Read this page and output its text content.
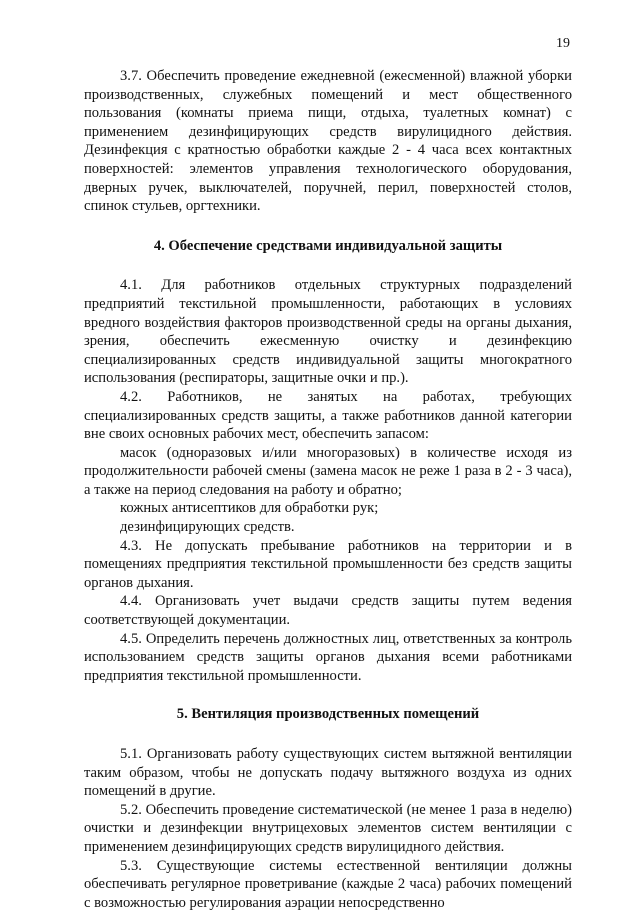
19

3.7. Обеспечить проведение ежедневной (ежесменной) влажной уборки производственных, служебных помещений и мест общественного пользования (комнаты приема пищи, отдыха, туалетных комнат) с применением дезинфицирующих средств вирулицидного действия. Дезинфекция с кратностью обработки каждые 2 - 4 часа всех контактных поверхностей: элементов управления технологического оборудования, дверных ручек, выключателей, поручней, перил, поверхностей столов, спинок стульев, оргтехники.

4. Обеспечение средствами индивидуальной защиты

4.1. Для работников отдельных структурных подразделений предприятий текстильной промышленности, работающих в условиях вредного воздействия факторов производственной среды на органы дыхания, зрения, обеспечить ежесменную очистку и дезинфекцию специализированных средств индивидуальной защиты многократного использования (респираторы, защитные очки и пр.).

4.2. Работников, не занятых на работах, требующих специализированных средств защиты, а также работников данной категории вне своих основных рабочих мест, обеспечить запасом:

масок (одноразовых и/или многоразовых) в количестве исходя из продолжительности рабочей смены (замена масок не реже 1 раза в 2 - 3 часа), а также на период следования на работу и обратно;

кожных антисептиков для обработки рук;

дезинфицирующих средств.

4.3. Не допускать пребывание работников на территории и в помещениях предприятия текстильной промышленности без средств защиты органов дыхания.

4.4. Организовать учет выдачи средств защиты путем ведения соответствующей документации.

4.5. Определить перечень должностных лиц, ответственных за контроль использованием средств защиты органов дыхания всеми работниками предприятия текстильной промышленности.

5. Вентиляция производственных помещений

5.1. Организовать работу существующих систем вытяжной вентиляции таким образом, чтобы не допускать подачу вытяжного воздуха из одних помещений в другие.

5.2. Обеспечить проведение систематической (не менее 1 раза в неделю) очистки и дезинфекции внутрицеховых элементов систем вентиляции с применением дезинфицирующих средств вирулицидного действия.

5.3. Существующие системы естественной вентиляции должны обеспечивать регулярное проветривание (каждые 2 часа) рабочих помещений с возможностью регулирования аэрации непосредственно
